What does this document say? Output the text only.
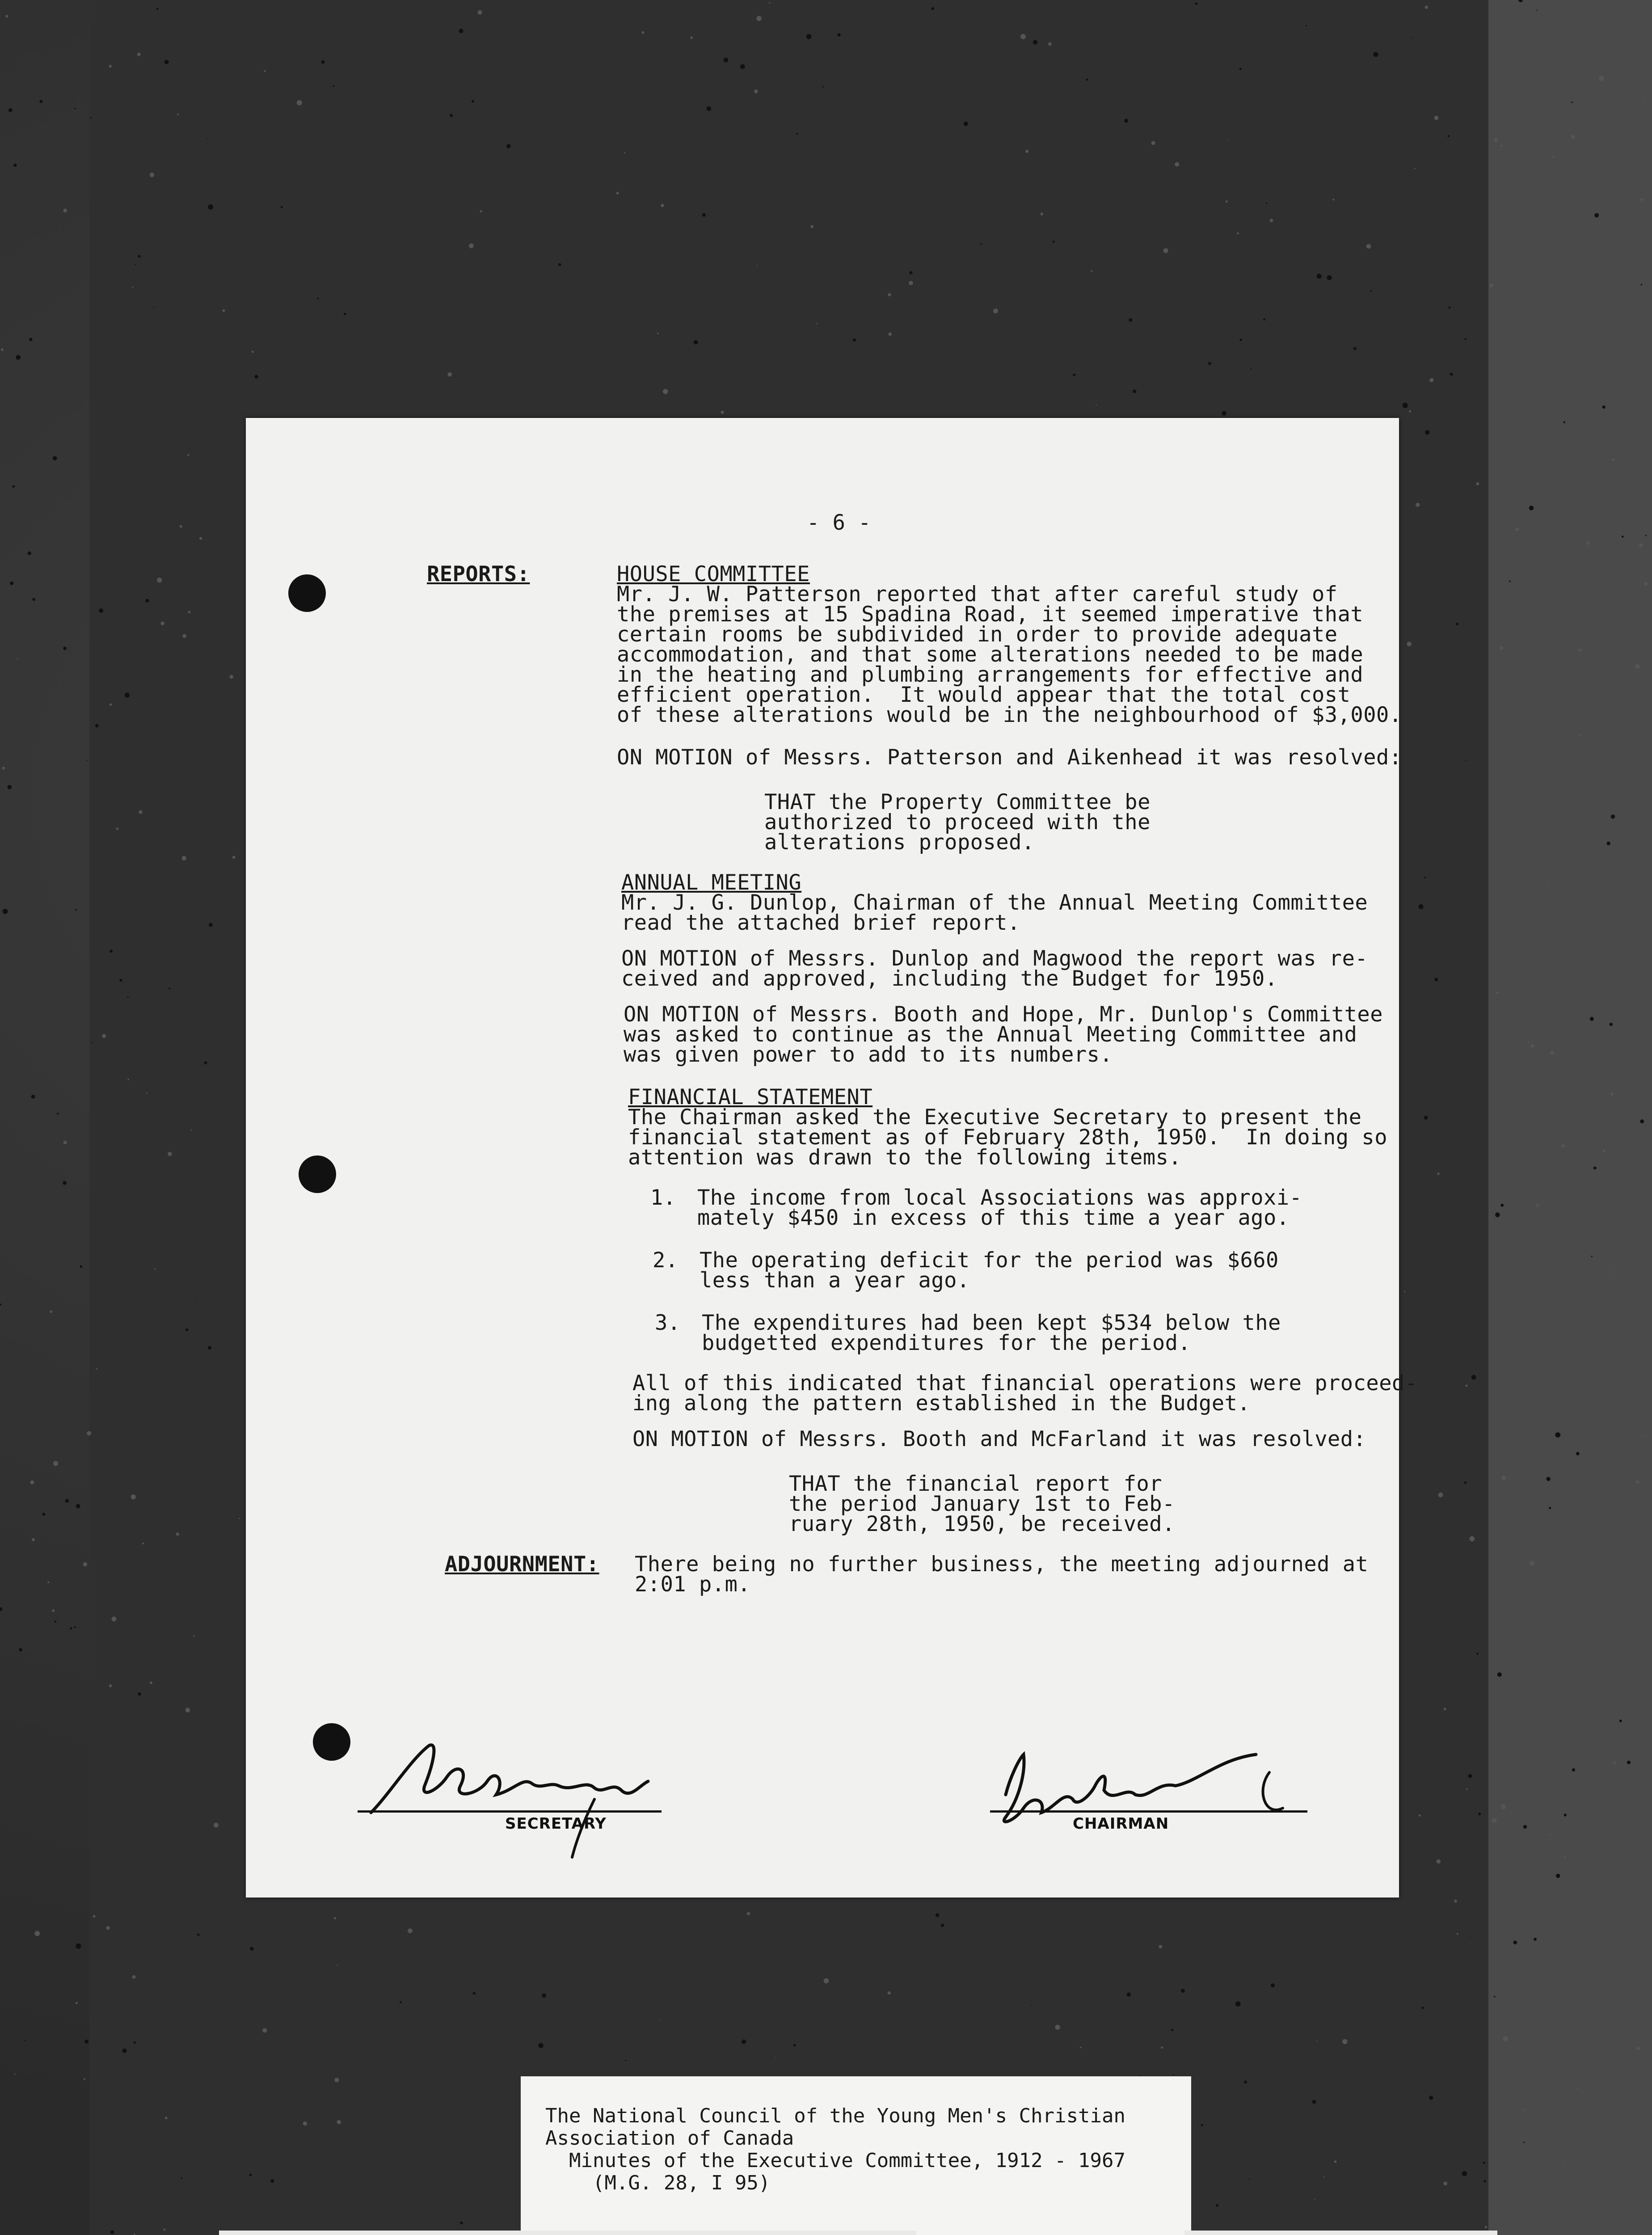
- 6 -
REPORTS:	HOUSE COMMITTEE
Mr. J. W. Patterson reported that after careful study of
the premises at 15 Spadina Road, it seemed imperative that
certain rooms be subdivided in order to provide adequate
accommodation, and that some alterations needed to be made
in the heating and plumbing arrangements for effective and
efficient operation.  It would appear that the total cost
of these alterations would be in the neighbourhood of $3,000.
ON MOTION of Messrs. Patterson and Aikenhead it was resolved:
THAT the Property Committee be
authorized to proceed with the
alterations proposed.
ANNUAL MEETING
Mr. J. G. Dunlop, Chairman of the Annual Meeting Committee
read the attached brief report.
ON MOTION of Messrs. Dunlop and Magwood the report was re-
ceived and approved, including the Budget for 1950.
ON MOTION of Messrs. Booth and Hope, Mr. Dunlop's Committee
was asked to continue as the Annual Meeting Committee and
was given power to add to its numbers.
FINANCIAL STATEMENT
The Chairman asked the Executive Secretary to present the
financial statement as of February 28th, 1950.  In doing so
attention was drawn to the following items.
1. The income from local Associations was approxi-
mately $450 in excess of this time a year ago.
2. The operating deficit for the period was $660
less than a year ago.
3. The expenditures had been kept $534 below the
budgetted expenditures for the period.
All of this indicated that financial operations were proceed-
ing along the pattern established in the Budget.
ON MOTION of Messrs. Booth and McFarland it was resolved:
THAT the financial report for
the period January 1st to Feb-
ruary 28th, 1950, be received.
ADJOURNMENT: There being no further business, the meeting adjourned at
2:01 p.m.
SECRETARY	CHAIRMAN
The National Council of the Young Men's Christian
Association of Canada
Minutes of the Executive Committee, 1912 - 1967
(M.G. 28, I 95)
